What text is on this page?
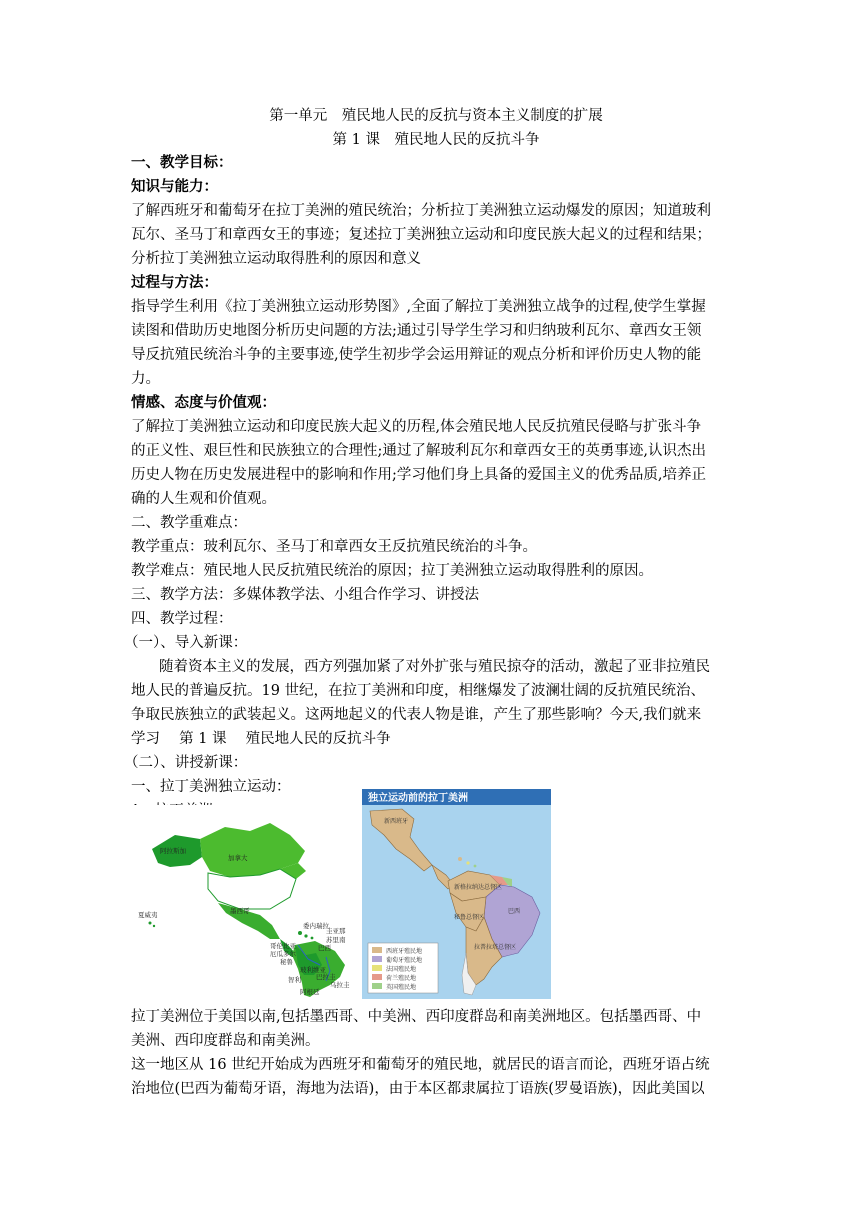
第一单元　殖民地人民的反抗与资本主义制度的扩展
第 1 课　殖民地人民的反抗斗争
一、教学目标：
知识与能力：
了解西班牙和葡萄牙在拉丁美洲的殖民统治；分析拉丁美洲独立运动爆发的原因；知道玻利
瓦尔、圣马丁和章西女王的事迹；复述拉丁美洲独立运动和印度民族大起义的过程和结果；
分析拉丁美洲独立运动取得胜利的原因和意义
过程与方法：
指导学生利用《拉丁美洲独立运动形势图》,全面了解拉丁美洲独立战争的过程,使学生掌握
读图和借助历史地图分析历史问题的方法;通过引导学生学习和归纳玻利瓦尔、章西女王领
导反抗殖民统治斗争的主要事迹,使学生初步学会运用辩证的观点分析和评价历史人物的能
力。
情感、态度与价值观：
了解拉丁美洲独立运动和印度民族大起义的历程,体会殖民地人民反抗殖民侵略与扩张斗争
的正义性、艰巨性和民族独立的合理性;通过了解玻利瓦尔和章西女王的英勇事迹,认识杰出
历史人物在历史发展进程中的影响和作用;学习他们身上具备的爱国主义的优秀品质,培养正
确的人生观和价值观。
二、教学重难点：
教学重点：玻利瓦尔、圣马丁和章西女王反抗殖民统治的斗争。
教学难点：殖民地人民反抗殖民统治的原因；拉丁美洲独立运动取得胜利的原因。
三、教学方法：多媒体教学法、小组合作学习、讲授法
四、教学过程：
（一）、导入新课：
随着资本主义的发展，西方列强加紧了对外扩张与殖民掠夺的活动，激起了亚非拉殖民
地人民的普遍反抗。19 世纪，在拉丁美洲和印度，相继爆发了波澜壮阔的反抗殖民统治、
争取民族独立的武装起义。这两地起义的代表人物是谁，产生了那些影响？今天,我们就来
学习　 第 1 课　 殖民地人民的反抗斗争
（二）、讲授新课：
一、拉丁美洲独立运动：
阿拉斯加
加拿大
夏威夷	墨西哥
委内瑞拉
圭亚那
苏里南
哥伦比亚
厄瓜多尔
秘鲁
巴西
玻利维亚
智利
阿根廷
乌拉圭
巴拉圭
独立运动前的拉丁美洲
新西班牙
新格拉纳达总督区
巴西
秘鲁总督区
拉普拉塔总督区
西班牙殖民地
葡萄牙殖民地
法国殖民地
荷兰殖民地
英国殖民地
拉丁美洲位于美国以南,包括墨西哥、中美洲、西印度群岛和南美洲地区。包括墨西哥、中
美洲、西印度群岛和南美洲。
这一地区从 16 世纪开始成为西班牙和葡萄牙的殖民地，就居民的语言而论，西班牙语占统
治地位(巴西为葡萄牙语，海地为法语)，由于本区都隶属拉丁语族(罗曼语族)，因此美国以
